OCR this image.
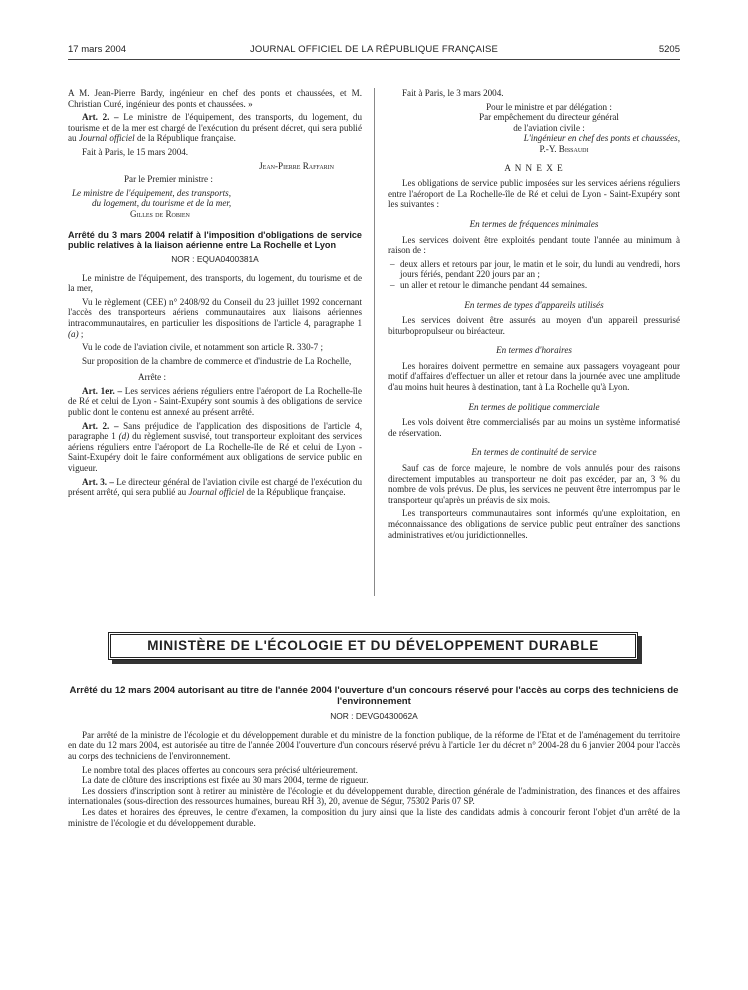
17 mars 2004	JOURNAL OFFICIEL DE LA RÉPUBLIQUE FRANÇAISE	5205

A M. Jean-Pierre Bardy, ingénieur en chef des ponts et chaussées, et M. Christian Curé, ingénieur des ponts et chaussées. »

Art. 2. – Le ministre de l'équipement, des transports, du logement, du tourisme et de la mer est chargé de l'exécution du présent décret, qui sera publié au Journal officiel de la République française.

Fait à Paris, le 15 mars 2004.

Jean-Pierre Raffarin

Par le Premier ministre :

Le ministre de l'équipement, des transports,

du logement, du tourisme et de la mer,

Gilles de Robien

Arrêté du 3 mars 2004 relatif à l'imposition d'obligations de service public relatives à la liaison aérienne entre La Rochelle et Lyon
NOR : EQUA0400381A

Le ministre de l'équipement, des transports, du logement, du tourisme et de la mer,

Vu le règlement (CEE) n° 2408/92 du Conseil du 23 juillet 1992 concernant l'accès des transporteurs aériens communautaires aux liaisons aériennes intracommunautaires, en particulier les dispositions de l'article 4, paragraphe 1 (a) ;

Vu le code de l'aviation civile, et notamment son article R. 330-7 ;

Sur proposition de la chambre de commerce et d'industrie de La Rochelle,

Arrête :

Art. 1er. – Les services aériens réguliers entre l'aéroport de La Rochelle-île de Ré et celui de Lyon - Saint-Exupéry sont soumis à des obligations de service public dont le contenu est annexé au présent arrêté.

Art. 2. – Sans préjudice de l'application des dispositions de l'article 4, paragraphe 1 (d) du règlement susvisé, tout transporteur exploitant des services aériens réguliers entre l'aéroport de La Rochelle-île de Ré et celui de Lyon - Saint-Exupéry doit le faire conformément aux obligations de service public en vigueur.

Art. 3. – Le directeur général de l'aviation civile est chargé de l'exécution du présent arrêté, qui sera publié au Journal officiel de la République française.

Fait à Paris, le 3 mars 2004.

Pour le ministre et par délégation :

Par empêchement du directeur général

de l'aviation civile :

L'ingénieur en chef des ponts et chaussées,

P.-Y. Bissaudi

A N N E X E

Les obligations de service public imposées sur les services aériens réguliers entre l'aéroport de La Rochelle-île de Ré et celui de Lyon - Saint-Exupéry sont les suivantes :

En termes de fréquences minimales

Les services doivent être exploités pendant toute l'année au minimum à raison de :

– deux allers et retours par jour, le matin et le soir, du lundi au vendredi, hors jours fériés, pendant 220 jours par an ;
– un aller et retour le dimanche pendant 44 semaines.

En termes de types d'appareils utilisés

Les services doivent être assurés au moyen d'un appareil pressurisé biturbopropulseur ou biréacteur.

En termes d'horaires

Les horaires doivent permettre en semaine aux passagers voyageant pour motif d'affaires d'effectuer un aller et retour dans la journée avec une amplitude d'au moins huit heures à destination, tant à La Rochelle qu'à Lyon.

En termes de politique commerciale

Les vols doivent être commercialisés par au moins un système informatisé de réservation.

En termes de continuité de service

Sauf cas de force majeure, le nombre de vols annulés pour des raisons directement imputables au transporteur ne doit pas excéder, par an, 3 % du nombre de vols prévus. De plus, les services ne peuvent être interrompus par le transporteur qu'après un préavis de six mois.

Les transporteurs communautaires sont informés qu'une exploitation, en méconnaissance des obligations de service public peut entraîner des sanctions administratives et/ou juridictionnelles.

MINISTÈRE DE L'ÉCOLOGIE ET DU DÉVELOPPEMENT DURABLE
Arrêté du 12 mars 2004 autorisant au titre de l'année 2004 l'ouverture d'un concours réservé pour l'accès au corps des techniciens de l'environnement
NOR : DEVG0430062A

Par arrêté de la ministre de l'écologie et du développement durable et du ministre de la fonction publique, de la réforme de l'Etat et de l'aménagement du territoire en date du 12 mars 2004, est autorisée au titre de l'année 2004 l'ouverture d'un concours réservé prévu à l'article 1er du décret n° 2004-28 du 6 janvier 2004 pour l'accès au corps des techniciens de l'environnement.

Le nombre total des places offertes au concours sera précisé ultérieurement.

La date de clôture des inscriptions est fixée au 30 mars 2004, terme de rigueur.

Les dossiers d'inscription sont à retirer au ministère de l'écologie et du développement durable, direction générale de l'administration, des finances et des affaires internationales (sous-direction des ressources humaines, bureau RH 3), 20, avenue de Ségur, 75302 Paris 07 SP.

Les dates et horaires des épreuves, le centre d'examen, la composition du jury ainsi que la liste des candidats admis à concourir feront l'objet d'un arrêté de la ministre de l'écologie et du développement durable.
